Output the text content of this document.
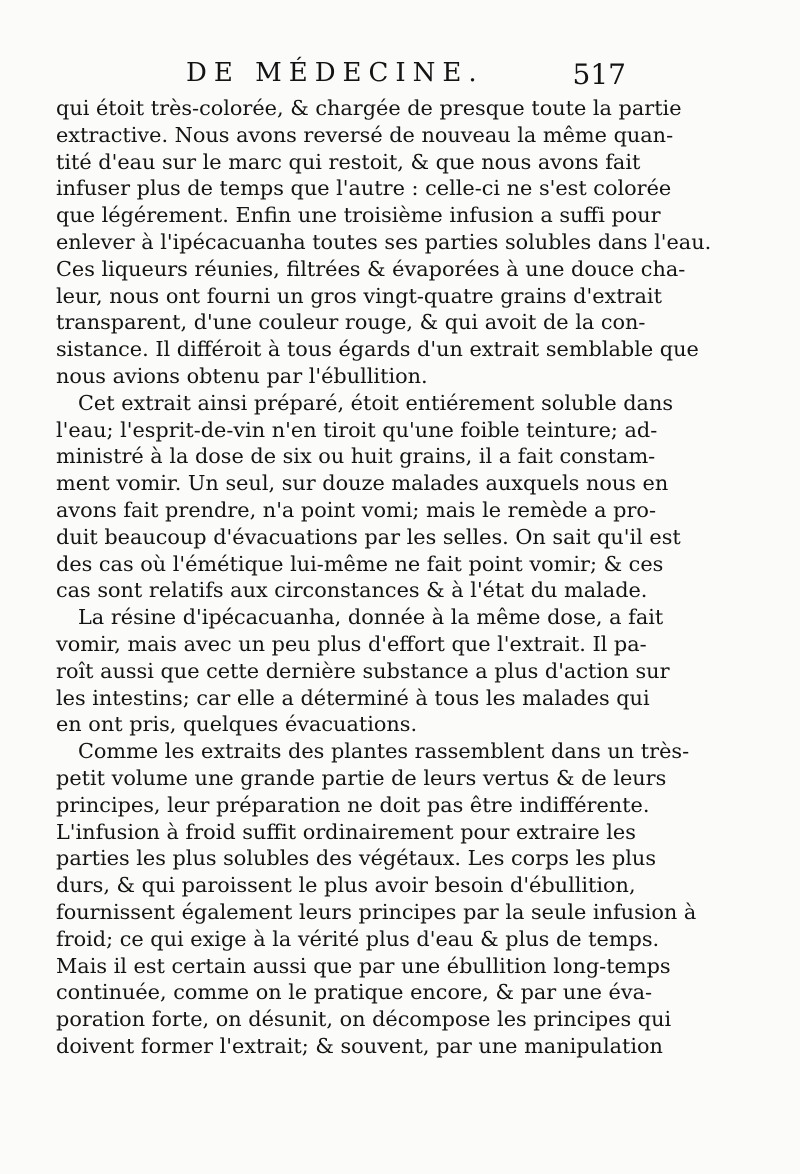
DE MÉDECINE.	517
qui étoit très-colorée, & chargée de presque toute la partie
extractive. Nous avons reversé de nouveau la même quan-
tité d'eau sur le marc qui restoit, & que nous avons fait
infuser plus de temps que l'autre : celle-ci ne s'est colorée
que légérement. Enfin une troisième infusion a suffi pour
enlever à l'ipécacuanha toutes ses parties solubles dans l'eau.
Ces liqueurs réunies, filtrées & évaporées à une douce cha-
leur, nous ont fourni un gros vingt-quatre grains d'extrait
transparent, d'une couleur rouge, & qui avoit de la con-
sistance. Il différoit à tous égards d'un extrait semblable que
nous avions obtenu par l'ébullition.
Cet extrait ainsi préparé, étoit entiérement soluble dans
l'eau; l'esprit-de-vin n'en tiroit qu'une foible teinture; ad-
ministré à la dose de six ou huit grains, il a fait constam-
ment vomir. Un seul, sur douze malades auxquels nous en
avons fait prendre, n'a point vomi; mais le remède a pro-
duit beaucoup d'évacuations par les selles. On sait qu'il est
des cas où l'émétique lui-même ne fait point vomir; & ces
cas sont relatifs aux circonstances & à l'état du malade.
La résine d'ipécacuanha, donnée à la même dose, a fait
vomir, mais avec un peu plus d'effort que l'extrait. Il pa-
roît aussi que cette dernière substance a plus d'action sur
les intestins; car elle a déterminé à tous les malades qui
en ont pris, quelques évacuations.
Comme les extraits des plantes rassemblent dans un très-
petit volume une grande partie de leurs vertus & de leurs
principes, leur préparation ne doit pas être indifférente.
L'infusion à froid suffit ordinairement pour extraire les
parties les plus solubles des végétaux. Les corps les plus
durs, & qui paroissent le plus avoir besoin d'ébullition,
fournissent également leurs principes par la seule infusion à
froid; ce qui exige à la vérité plus d'eau & plus de temps.
Mais il est certain aussi que par une ébullition long-temps
continuée, comme on le pratique encore, & par une éva-
poration forte, on désunit, on décompose les principes qui
doivent former l'extrait; & souvent, par une manipulation
